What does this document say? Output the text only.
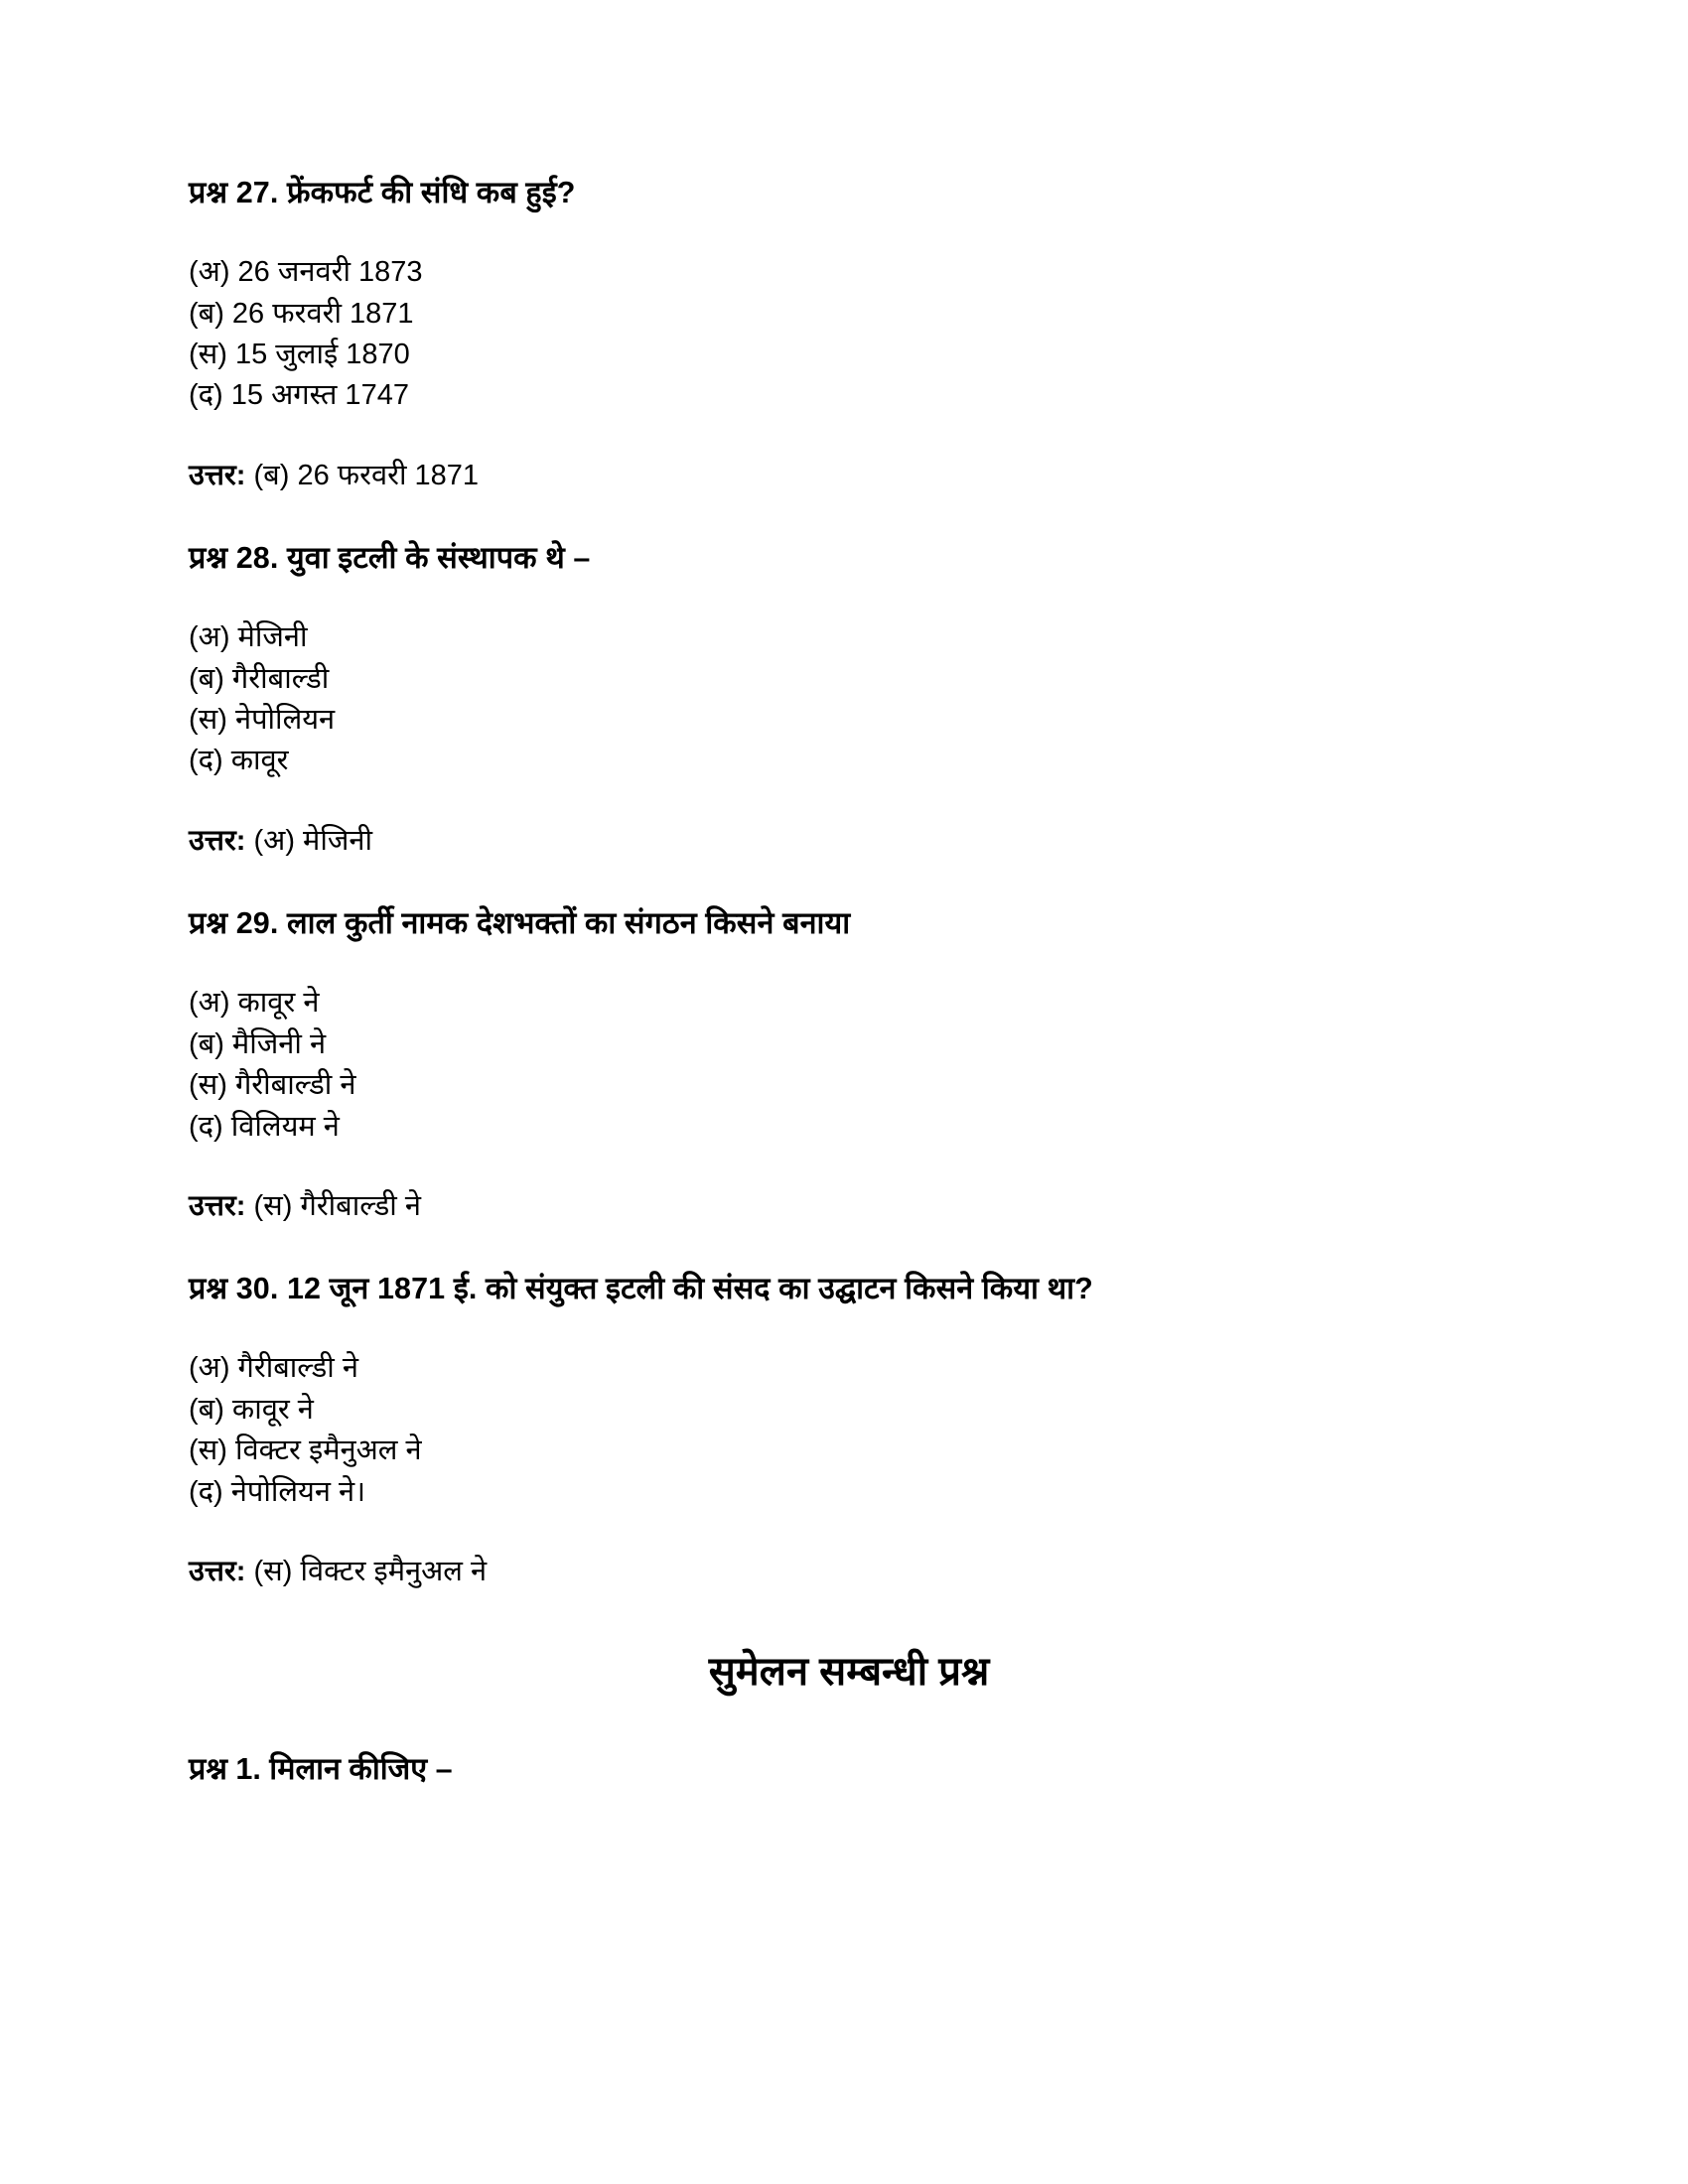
प्रश्न 27. फ्रेंकफर्ट की संधि कब हुई?

(अ) 26 जनवरी 1873

(ब) 26 फरवरी 1871

(स) 15 जुलाई 1870

(द) 15 अगस्त 1747

उत्तर: (ब) 26 फरवरी 1871

प्रश्न 28. युवा इटली के संस्थापक थे –

(अ) मेजिनी

(ब) गैरीबाल्डी

(स) नेपोलियन

(द) कावूर

उत्तर: (अ) मेजिनी

प्रश्न 29. लाल कुर्ती नामक देशभक्तों का संगठन किसने बनाया

(अ) कावूर ने

(ब) मैजिनी ने

(स) गैरीबाल्डी ने

(द) विलियम ने

उत्तर: (स) गैरीबाल्डी ने

प्रश्न 30. 12 जून 1871 ई. को संयुक्त इटली की संसद का उद्घाटन किसने किया था?

(अ) गैरीबाल्डी ने

(ब) कावूर ने

(स) विक्टर इमैनुअल ने

(द) नेपोलियन ने।

उत्तर: (स) विक्टर इमैनुअल ने

सुमेलन सम्बन्धी प्रश्न

प्रश्न 1. मिलान कीजिए –
